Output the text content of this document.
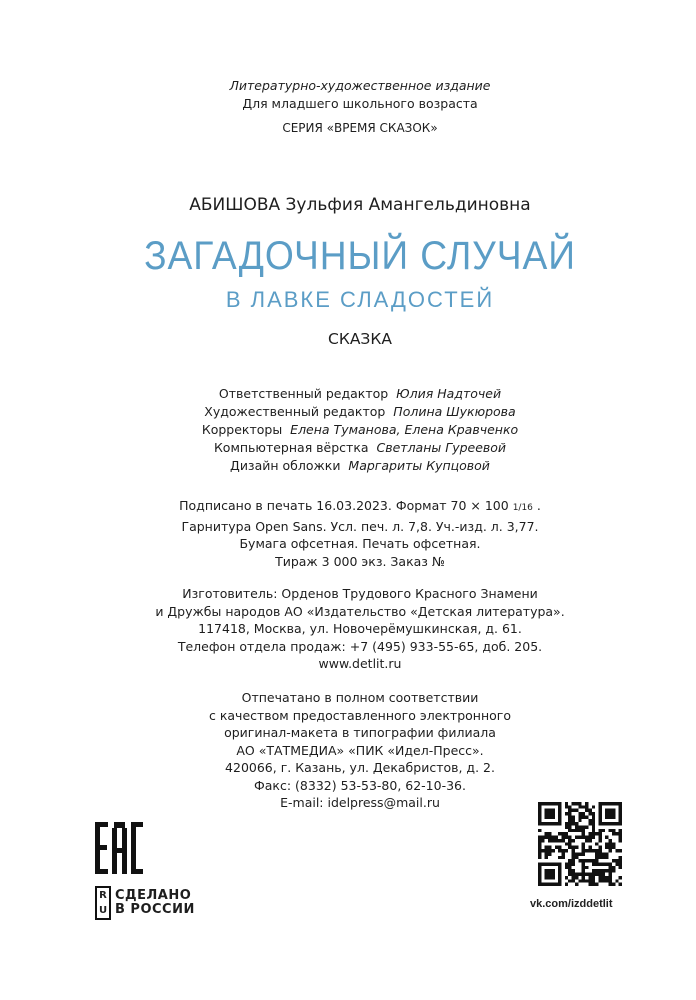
Литературно-художественное издание
Для младшего школьного возраста
СЕРИЯ «ВРЕМЯ СКАЗОК»
АБИШОВА Зульфия Амангельдиновна
ЗАГАДОЧНЫЙ СЛУЧАЙ
В ЛАВКЕ СЛАДОСТЕЙ
СКАЗКА
Ответственный редактор Юлия Надточей
Художественный редактор Полина Шукюрова
Корректоры Елена Туманова, Елена Кравченко
Компьютерная вёрстка Светланы Гуреевой
Дизайн обложки Маргариты Купцовой
Подписано в печать 16.03.2023. Формат 70 × 100 1/16 .
Гарнитура Open Sans. Усл. печ. л. 7,8. Уч.-изд. л. 3,77.
Бумага офсетная. Печать офсетная.
Тираж 3 000 экз. Заказ №
Изготовитель: Орденов Трудового Красного Знамени
и Дружбы народов АО «Издательство «Детская литература».
117418, Москва, ул. Новочерёмушкинская, д. 61.
Телефон отдела продаж: +7 (495) 933-55-65, доб. 205.
www.detlit.ru
Отпечатано в полном соответствии
с качеством предоставленного электронного
оригинал-макета в типографии филиала
АО «ТАТМЕДИА» «ПИК «Идел-Пресс».
420066, г. Казань, ул. Декабристов, д. 2.
Факс: (8332) 53-53-80, 62-10-36.
E-mail: idelpress@mail.ru
R
U
СДЕЛАНО
В РОССИИ	vk.com/izddetlit
